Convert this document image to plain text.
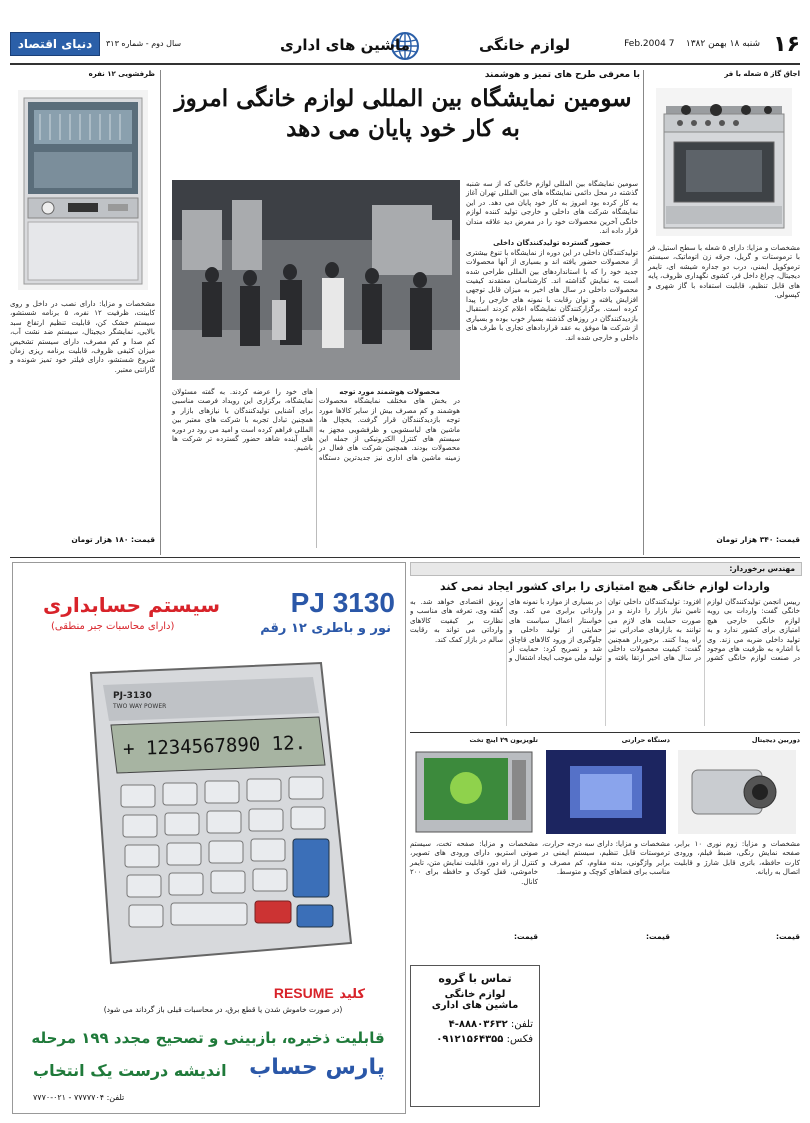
۱۶
شنبه ۱۸ بهمن ۱۳۸۲    7 Feb.2004
لوازم خانگی
ماشین های اداری
سال دوم - شماره ۳۱۳
دنیای اقتصاد
ظرفشویی ۱۲ نفره
مشخصات و مزایا: دارای نصب در داخل و روی کابینت، ظرفیت ۱۲ نفره، ۵ برنامه شستشو، سیستم خشک کن، قابلیت تنظیم ارتفاع سبد بالایی، نمایشگر دیجیتال، سیستم ضد نشت آب، کم صدا و کم مصرف، دارای سیستم تشخیص میزان کثیفی ظروف، قابلیت برنامه ریزی زمان شروع شستشو، دارای فیلتر خود تمیز شونده و گارانتی معتبر.
قیمت: ۱۸۰ هزار تومان
با معرفی طرح های تمیز و هوشمند
سومین نمایشگاه بین المللی لوازم خانگی امروز به کار خود پایان می دهد
سومین نمایشگاه بین المللی لوازم خانگی که از سه شنبه گذشته در محل دائمی نمایشگاه های بین المللی تهران آغاز به کار کرده بود امروز به کار خود پایان می دهد. در این نمایشگاه شرکت های داخلی و خارجی تولید کننده لوازم خانگی آخرین محصولات خود را در معرض دید علاقه مندان قرار داده اند.
حضور گسترده تولیدکنندگان داخلی
تولیدکنندگان داخلی در این دوره از نمایشگاه با تنوع بیشتری از محصولات حضور یافته اند و بسیاری از آنها محصولات جدید خود را که با استانداردهای بین المللی طراحی شده است به نمایش گذاشته اند. کارشناسان معتقدند کیفیت محصولات داخلی در سال های اخیر به میزان قابل توجهی افزایش یافته و توان رقابت با نمونه های خارجی را پیدا کرده است. برگزارکنندگان نمایشگاه اعلام کردند استقبال بازدیدکنندگان در روزهای گذشته بسیار خوب بوده و بسیاری از شرکت ها موفق به عقد قراردادهای تجاری با طرف های داخلی و خارجی شده اند.
محصولات هوشمند مورد توجه
در بخش های مختلف نمایشگاه محصولات هوشمند و کم مصرف بیش از سایر کالاها مورد توجه بازدیدکنندگان قرار گرفت. یخچال ها، ماشین های لباسشویی و ظرفشویی مجهز به سیستم های کنترل الکترونیکی از جمله این محصولات بودند. همچنین شرکت های فعال در زمینه ماشین های اداری نیز جدیدترین دستگاه های خود را عرضه کردند. به گفته مسئولان نمایشگاه، برگزاری این رویداد فرصت مناسبی برای آشنایی تولیدکنندگان با نیازهای بازار و همچنین تبادل تجربه با شرکت های معتبر بین المللی فراهم کرده است و امید می رود در دوره های آینده شاهد حضور گسترده تر شرکت ها باشیم.
اجاق گاز ۵ شعله با فر
مشخصات و مزایا: دارای ۵ شعله با سطح استیل، فر با ترموستات و گریل، جرقه زن اتوماتیک، سیستم ترموکوپل ایمنی، درب دو جداره شیشه ای، تایمر دیجیتال، چراغ داخل فر، کشوی نگهداری ظروف، پایه های قابل تنظیم، قابلیت استفاده با گاز شهری و کپسولی.
قیمت: ۳۴۰ هزار تومان
PJ 3130
نور و باطری ۱۲ رقم
سیستم حسابداری
(دارای محاسبات جبر منطقی)
PJ-3130
TWO WAY POWER
+ 1234567890 12.
کلید RESUME
(در صورت خاموش شدن یا قطع برق، در محاسبات قبلی باز گرداند می شود)
قابلیت ذخیره، بازبینی و تصحیح مجدد ۱۹۹ مرحله
پارس حساب
اندیشه درست یک انتخاب
تلفن: ۷۷۷۷۷۰۴ - ۰۲۱-۷۷۷۰
مهندس برخوردار:
واردات لوازم خانگی هیچ امتیازی را برای کشور ایجاد نمی کند
رییس انجمن تولیدکنندگان لوازم خانگی گفت: واردات بی رویه لوازم خانگی خارجی هیچ امتیازی برای کشور ندارد و به تولید داخلی ضربه می زند. وی با اشاره به ظرفیت های موجود در صنعت لوازم خانگی کشور افزود: تولیدکنندگان داخلی توان تامین نیاز بازار را دارند و در صورت حمایت های لازم می توانند به بازارهای صادراتی نیز راه پیدا کنند. برخوردار همچنین گفت: کیفیت محصولات داخلی در سال های اخیر ارتقا یافته و در بسیاری از موارد با نمونه های وارداتی برابری می کند. وی خواستار اعمال سیاست های حمایتی از تولید داخلی و جلوگیری از ورود کالاهای قاچاق شد و تصریح کرد: حمایت از تولید ملی موجب ایجاد اشتغال و رونق اقتصادی خواهد شد. به گفته وی، تعرفه های مناسب و نظارت بر کیفیت کالاهای وارداتی می تواند به رقابت سالم در بازار کمک کند.
تلویزیون ۲۹ اینچ تخت
مشخصات و مزایا: صفحه تخت، سیستم صوتی استریو، دارای ورودی های تصویر، کنترل از راه دور، قابلیت نمایش متن، تایمر خاموشی، قفل کودک و حافظه برای ۲۰۰ کانال.
قیمت:
دستگاه حرارتی
مشخصات و مزایا: دارای سه درجه حرارت، ترموستات قابل تنظیم، سیستم ایمنی در برابر واژگونی، بدنه مقاوم، کم مصرف و مناسب برای فضاهای کوچک و متوسط.
قیمت:
دوربین دیجیتال
مشخصات و مزایا: زوم نوری ۱۰ برابر، صفحه نمایش رنگی، ضبط فیلم، ورودی کارت حافظه، باتری قابل شارژ و قابلیت اتصال به رایانه.
قیمت:
تماس با گروه
لوازم خانگی
ماشین های اداری
تلفن: ۸۸۸۰۳۶۳۲-۴
فکس: ۰۹۱۲۱۵۶۴۳۵۵
